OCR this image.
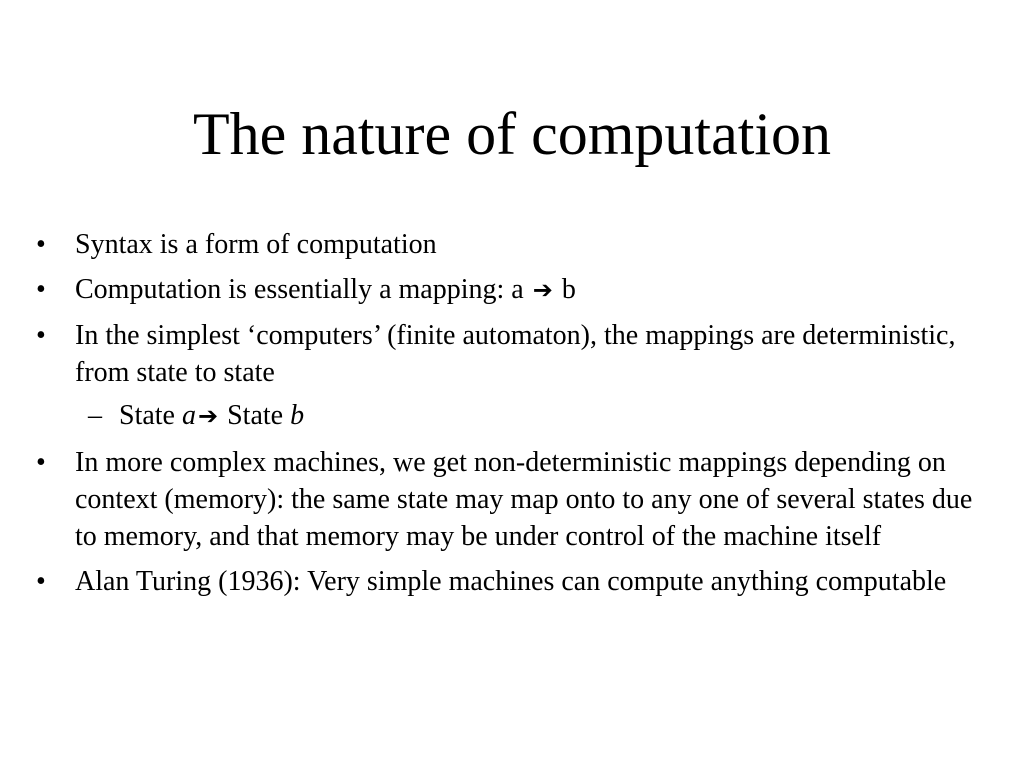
The nature of computation
• Syntax is a form of computation
• Computation is essentially a mapping: a ➔ b
• In the simplest ‘computers’ (finite automaton), the mappings are deterministic, from state to state
– State a➔ State b
• In more complex machines, we get non-deterministic mappings depending on context (memory): the same state may map onto to any one of several states due to memory, and that memory may be under control of the machine itself
• Alan Turing (1936): Very simple machines can compute anything computable
